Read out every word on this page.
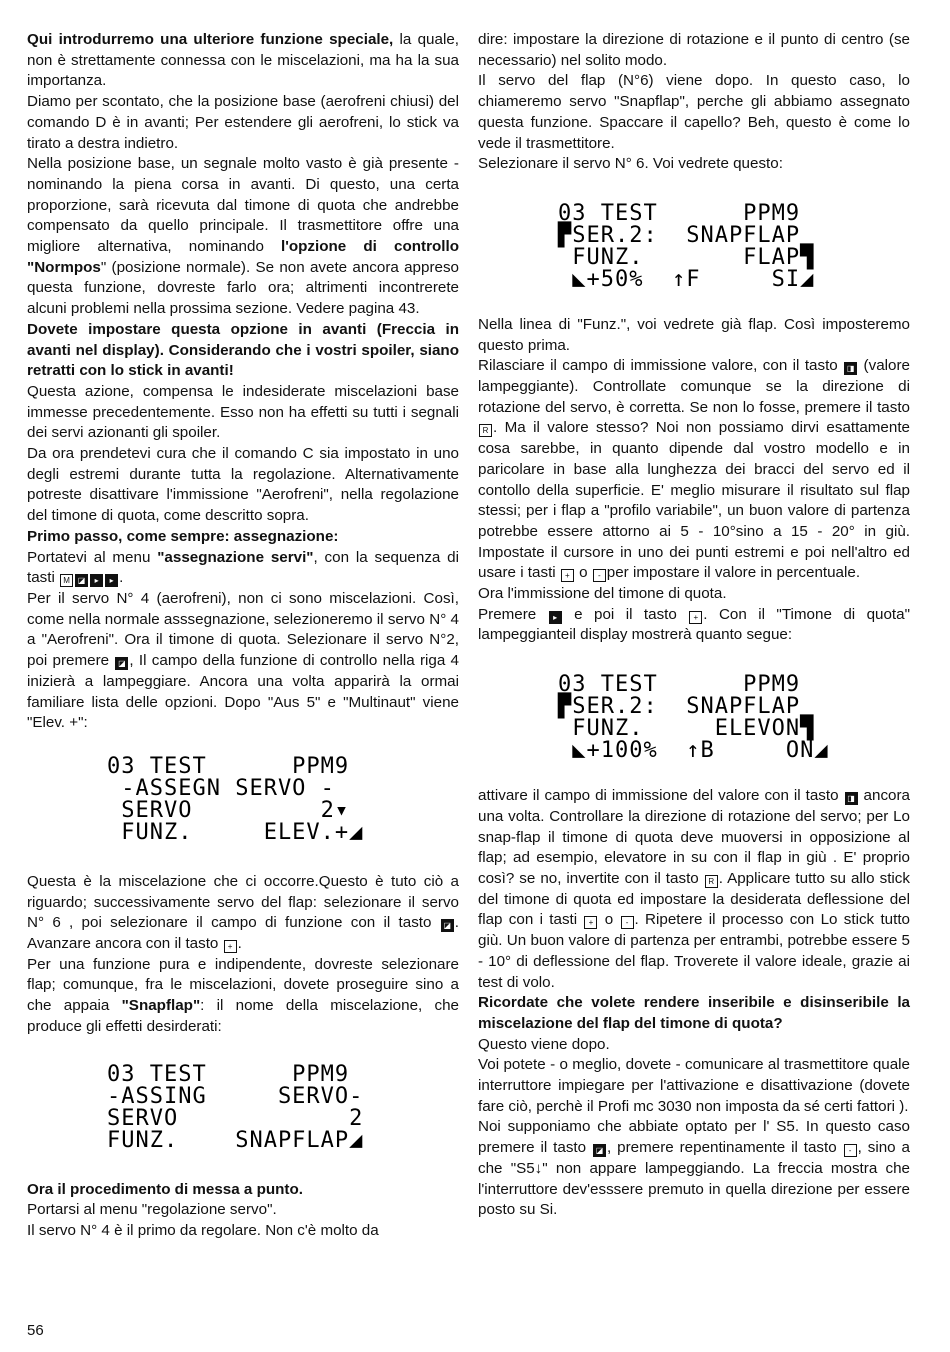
Qui introdurremo una ulteriore funzione speciale, la quale, non è strettamente connessa con le miscelazioni, ma ha la sua importanza.

Diamo per scontato, che la posizione base (aerofreni chiusi) del comando D è in avanti; Per estendere gli aerofreni, lo stick va tirato a destra indietro.

Nella posizione base, un segnale molto vasto è già presente - nominando la piena corsa in avanti. Di questo, una certa proporzione, sarà ricevuta dal timone di quota che andrebbe compensato da quello principale. Il trasmettitore offre una migliore alternativa, nominando l'opzione di controllo "Normpos" (posizione normale). Se non avete ancora appreso questa funzione, dovreste farlo ora; altrimenti incontrerete alcuni problemi nella prossima sezione. Vedere pagina 43.

Dovete impostare questa opzione in avanti (Freccia in avanti nel display). Considerando che i vostri spoiler, siano retratti con lo stick in avanti!

Questa azione, compensa le indesiderate miscelazioni base immesse precedentemente. Esso non ha effetti su tutti i segnali dei servi azionanti gli spoiler.

Da ora prendetevi cura che il comando C sia impostato in uno degli estremi durante tutta la regolazione. Alternativamente potreste disattivare l'immissione "Aerofreni", nella regolazione del timone di quota, come descritto sopra.

Primo passo, come sempre: assegnazione:

Portatevi al menu "assegnazione servi", con la sequenza di tasti M ◪ ▸ ▸ .

Per il servo N° 4 (aerofreni), non ci sono miscelazioni. Così, come nella normale asssegnazione, selezioneremo il servo N° 4 a "Aerofreni". Ora il timone di quota. Selezionare il servo N°2, poi premere ◪ , Il campo della funzione di controllo nella riga 4 inizierà a lampeggiare. Ancora una volta apparirà la ormai familiare lista delle opzioni. Dopo "Aus 5" e "Multinaut" viene "Elev. +":

03 TEST      PPM9
-ASSEGN SERVO -
SERVO         2▾
FUNZ.     ELEV.+◢

Questa è la miscelazione che ci occorre.Questo è tuto ciò a riguardo; successivamente servo del flap: selezionare il servo N° 6 , poi selezionare il campo di funzione con il tasto ◪ . Avanzare ancora con il tasto + .

Per una funzione pura e indipendente, dovreste selezionare flap; comunque, fra le miscelazioni, dovete proseguire sino a che appaia "Snapflap": il nome della miscelazione, che produce gli effetti desirderati:

03 TEST      PPM9
-ASSING     SERVO-
SERVO            2
FUNZ.    SNAPFLAP◢

Ora il procedimento di messa a punto.

Portarsi al menu "regolazione servo".

Il servo N° 4 è il primo da regolare. Non c'è molto da

dire: impostare la direzione di rotazione e il punto di centro (se necessario) nel solito modo.

Il servo del flap (N°6) viene dopo. In questo caso, lo chiameremo servo "Snapflap", perche gli abbiamo assegnato questa funzione. Spaccare il capello? Beh, questo è come lo vede il trasmettitore.

Selezionare il servo N° 6. Voi vedrete questo:

03 TEST      PPM9
▛SER.2:  SNAPFLAP
FUNZ.       FLAP▜
◣+50%  ↑F     SI◢

Nella linea di "Funz.", voi vedrete già flap. Così imposteremo questo prima.

Rilasciare il campo di immissione valore, con il tasto ◨ (valore lampeggiante). Controllate comunque se la direzione di rotazione del servo, è corretta. Se non lo fosse, premere il tasto R . Ma il valore stesso? Noi non possiamo dirvi esattamente cosa sarebbe, in quanto dipende dal vostro modello e in paricolare in base alla lunghezza dei bracci del servo ed il contollo della superficie. E' meglio misurare il risultato sul flap stessi; per i flap a "profilo variabile", un buon valore di partenza potrebbe essere attorno ai 5 - 10°sino a 15 - 20° in giù. Impostate il cursore in uno dei punti estremi e poi nell'altro ed usare i tasti + o - per impostare il valore in percentuale.

Ora l'immissione del timone di quota.

Premere ▸ e poi il tasto + . Con il "Timone di quota" lampeggianteil display mostrerà quanto segue:

03 TEST      PPM9
▛SER.2:  SNAPFLAP
FUNZ.     ELEVON▜
◣+100%  ↑B     ON◢

attivare il campo di immissione del valore con il tasto ◨ ancora una volta. Controllare la direzione di rotazione del servo; per Lo snap-flap il timone di quota deve muoversi in opposizione al flap; ad esempio, elevatore in su con il flap in giù . E' proprio così? se no, invertite con il tasto R . Applicare tutto su allo stick del timone di quota ed impostare la desiderata deflessione del flap con i tasti + o - . Ripetere il processo con Lo stick tutto giù. Un buon valore di partenza per entrambi, potrebbe essere 5 - 10° di deflessione del flap. Troverete il valore ideale, grazie ai test di volo.

Ricordate che volete rendere inseribile e disinseribile la miscelazione del flap del timone di quota?

Questo viene dopo.

Voi potete - o meglio, dovete - comunicare al trasmettitore quale interruttore impiegare per l'attivazione e disattivazione (dovete fare ciò, perchè il Profi mc 3030 non imposta da sé certi fattori ).

Noi supponiamo che abbiate optato per l' S5. In questo caso premere il tasto ◪ , premere repentinamente il tasto - , sino a che "S5↓" non appare lampeggiando. La freccia mostra che l'interruttore dev'esssere premuto in quella direzione per essere posto su Si.

56
